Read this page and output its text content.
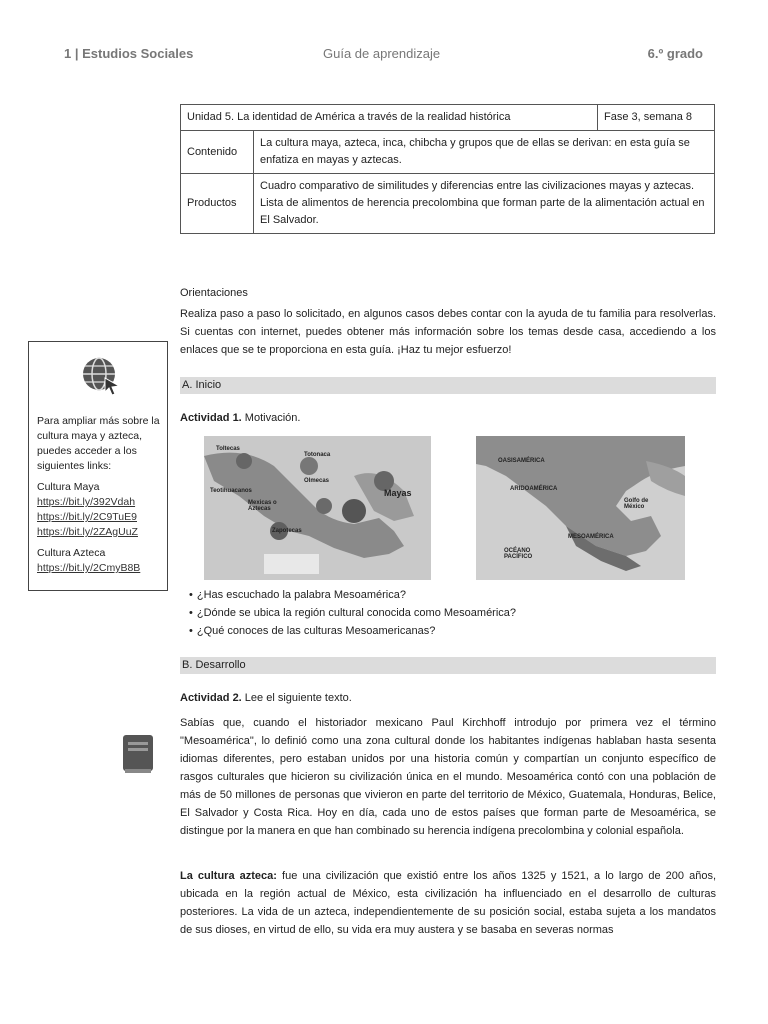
1 | Estudios Sociales	Guía de aprendizaje	6.º grado
Unidad 5. La identidad de América a través de la realidad histórica		Fase 3, semana 8
Contenido	La cultura maya, azteca, inca, chibcha y grupos que de ellas se derivan: en esta guía se enfatiza en mayas y aztecas.	
Productos	Cuadro comparativo de similitudes y diferencias entre las civilizaciones mayas y aztecas.
Lista de alimentos de herencia precolombina que forman parte de la alimentación actual en El Salvador.	
Orientaciones
Realiza paso a paso lo solicitado, en algunos casos debes contar con la ayuda de tu familia para resolverlas. Si cuentas con internet, puedes obtener más información sobre los temas desde casa, accediendo a los enlaces que se te proporciona en esta guía. ¡Haz tu mejor esfuerzo!
Para ampliar más sobre la cultura maya y azteca, puedes acceder a los siguientes links:
Cultura Maya
https://bit.ly/392Vdah
https://bit.ly/2C9TuE9
https://bit.ly/2ZAgUuZ
Cultura Azteca
https://bit.ly/2CmyB8B
A. Inicio
Actividad 1. Motivación.
Toltecas
Totonaca
Teotihuacanos
Olmecas
Mayas
Mexicas o Aztecas
Zapotecas
OASISAMÉRICA
ARIDOAMÉRICA
Golfo de México
MESOAMÉRICA
OCÉANO PACÍFICO
• ¿Has escuchado la palabra Mesoamérica?
• ¿Dónde se ubica la región cultural conocida como Mesoamérica?
• ¿Qué conoces de las culturas Mesoamericanas?
B. Desarrollo
Actividad 2. Lee el siguiente texto.
Sabías que, cuando el historiador mexicano Paul Kirchhoff introdujo por primera vez el término "Mesoamérica", lo definió como una zona cultural donde los habitantes indígenas hablaban hasta sesenta idiomas diferentes, pero estaban unidos por una historia común y compartían un conjunto específico de rasgos culturales que hicieron su civilización única en el mundo. Mesoamérica contó con una población de más de 50 millones de personas que vivieron en parte del territorio de México, Guatemala, Honduras, Belice, El Salvador y Costa Rica. Hoy en día, cada uno de estos países que forman parte de Mesoamérica, se distingue por la manera en que han combinado su herencia indígena precolombina y colonial española.
La cultura azteca: fue una civilización que existió entre los años 1325 y 1521, a lo largo de 200 años, ubicada en la región actual de México, esta civilización ha influenciado en el desarrollo de culturas posteriores. La vida de un azteca, independientemente de su posición social, estaba sujeta a los mandatos de sus dioses, en virtud de ello, su vida era muy austera y se basaba en severas normas
